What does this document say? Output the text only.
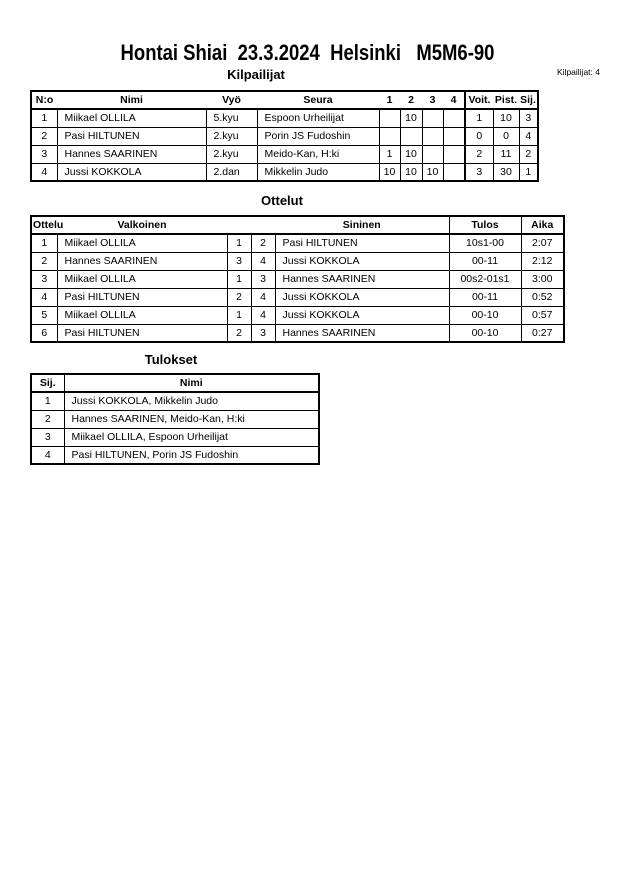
Hontai Shiai  23.3.2024  Helsinki   M5M6-90
Kilpailijat: 4
Kilpailijat
N:o	Nimi	Vyö	Seura	1	2	3	4	Voit.	Pist.	Sij.
1	Miikael OLLILA	5.kyu	Espoon Urheilijat		10			1	10	3
2	Pasi HILTUNEN	2.kyu	Porin JS Fudoshin					0	0	4
3	Hannes SAARINEN	2.kyu	Meido-Kan, H:ki	1	10			2	11	2
4	Jussi KOKKOLA	2.dan	Mikkelin Judo	10	10	10		3	30	1
Ottelut
Ottelu	Valkoinen			Sininen	Tulos	Aika
1	Miikael OLLILA	1	2	Pasi HILTUNEN	10s1-00	2:07
2	Hannes SAARINEN	3	4	Jussi KOKKOLA	00-11	2:12
3	Miikael OLLILA	1	3	Hannes SAARINEN	00s2-01s1	3:00
4	Pasi HILTUNEN	2	4	Jussi KOKKOLA	00-11	0:52
5	Miikael OLLILA	1	4	Jussi KOKKOLA	00-10	0:57
6	Pasi HILTUNEN	2	3	Hannes SAARINEN	00-10	0:27
Tulokset
Sij.	Nimi
1	Jussi KOKKOLA, Mikkelin Judo
2	Hannes SAARINEN, Meido-Kan, H:ki
3	Miikael OLLILA, Espoon Urheilijat
4	Pasi HILTUNEN, Porin JS Fudoshin
